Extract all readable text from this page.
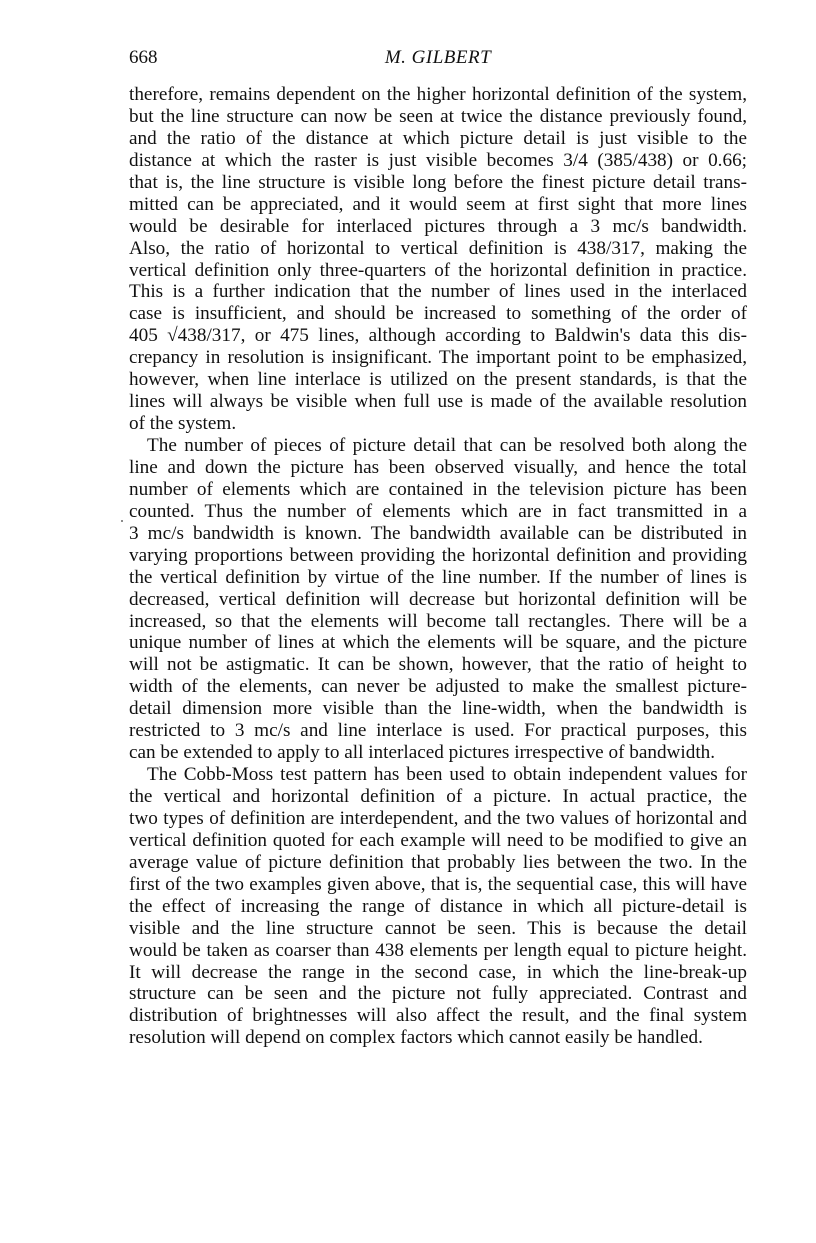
668	M. GILBERT
therefore, remains dependent on the higher horizontal definition of the system,
but the line structure can now be seen at twice the distance previously found,
and the ratio of the distance at which picture detail is just visible to the
distance at which the raster is just visible becomes 3/4 (385/438) or 0.66;
that is, the line structure is visible long before the finest picture detail trans-
mitted can be appreciated, and it would seem at first sight that more lines
would be desirable for interlaced pictures through a 3 mc/s bandwidth.
Also, the ratio of horizontal to vertical definition is 438/317, making the
vertical definition only three-quarters of the horizontal definition in practice.
This is a further indication that the number of lines used in the interlaced
case is insufficient, and should be increased to something of the order of
405 √438/317, or 475 lines, although according to Baldwin's data this dis-
crepancy in resolution is insignificant. The important point to be emphasized,
however, when line interlace is utilized on the present standards, is that the
lines will always be visible when full use is made of the available resolution
of the system.
The number of pieces of picture detail that can be resolved both along the
line and down the picture has been observed visually, and hence the total
number of elements which are contained in the television picture has been
counted. Thus the number of elements which are in fact transmitted in a
3 mc/s bandwidth is known. The bandwidth available can be distributed in
varying proportions between providing the horizontal definition and providing
the vertical definition by virtue of the line number. If the number of lines is
decreased, vertical definition will decrease but horizontal definition will be
increased, so that the elements will become tall rectangles. There will be a
unique number of lines at which the elements will be square, and the picture
will not be astigmatic. It can be shown, however, that the ratio of height to
width of the elements, can never be adjusted to make the smallest picture-
detail dimension more visible than the line-width, when the bandwidth is
restricted to 3 mc/s and line interlace is used. For practical purposes, this
can be extended to apply to all interlaced pictures irrespective of bandwidth.
The Cobb-Moss test pattern has been used to obtain independent values for
the vertical and horizontal definition of a picture. In actual practice, the
two types of definition are interdependent, and the two values of horizontal and
vertical definition quoted for each example will need to be modified to give an
average value of picture definition that probably lies between the two. In the
first of the two examples given above, that is, the sequential case, this will have
the effect of increasing the range of distance in which all picture-detail is
visible and the line structure cannot be seen. This is because the detail
would be taken as coarser than 438 elements per length equal to picture height.
It will decrease the range in the second case, in which the line-break-up
structure can be seen and the picture not fully appreciated. Contrast and
distribution of brightnesses will also affect the result, and the final system
resolution will depend on complex factors which cannot easily be handled.
